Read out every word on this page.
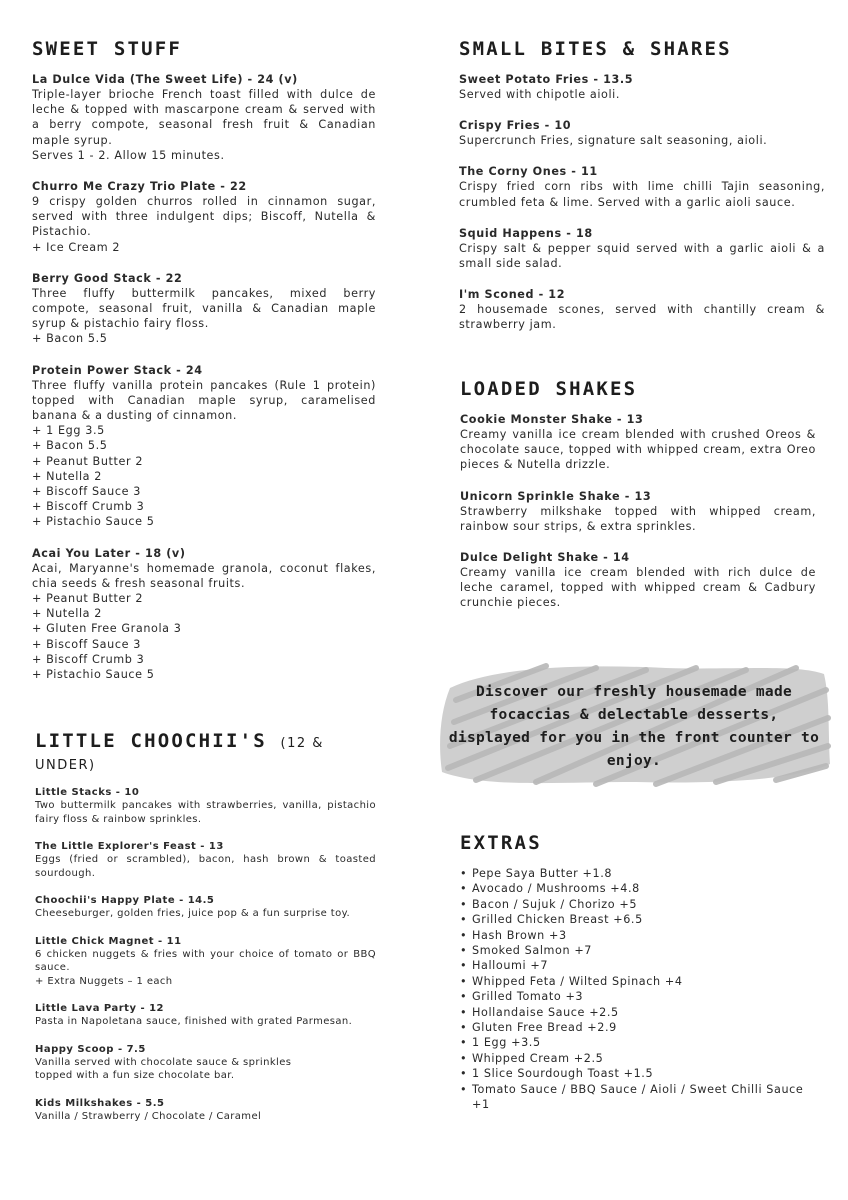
SWEET STUFF
La Dulce Vida (The Sweet Life) - 24 (v)
Triple-layer brioche French toast filled with dulce de leche & topped with mascarpone cream & served with a berry compote, seasonal fresh fruit & Canadian maple syrup.
Serves 1 - 2. Allow 15 minutes.
Churro Me Crazy Trio Plate - 22
9 crispy golden churros rolled in cinnamon sugar, served with three indulgent dips; Biscoff, Nutella & Pistachio.
+ Ice Cream 2
Berry Good Stack - 22
Three fluffy buttermilk pancakes, mixed berry compote, seasonal fruit, vanilla & Canadian maple syrup & pistachio fairy floss.
+ Bacon 5.5
Protein Power Stack - 24
Three fluffy vanilla protein pancakes (Rule 1 protein) topped with Canadian maple syrup, caramelised banana & a dusting of cinnamon.
+ 1 Egg 3.5
+ Bacon 5.5
+ Peanut Butter 2
+ Nutella 2
+ Biscoff Sauce 3
+ Biscoff Crumb 3
+ Pistachio Sauce 5
Acai You Later - 18 (v)
Acai, Maryanne's homemade granola, coconut flakes, chia seeds & fresh seasonal fruits.
+ Peanut Butter 2
+ Nutella 2
+ Gluten Free Granola 3
+ Biscoff Sauce 3
+ Biscoff Crumb 3
+ Pistachio Sauce 5
LITTLE CHOOCHII'S (12 & UNDER)
Little Stacks - 10
Two buttermilk pancakes with strawberries, vanilla, pistachio fairy floss & rainbow sprinkles.
The Little Explorer's Feast - 13
Eggs (fried or scrambled), bacon, hash brown & toasted sourdough.
Choochii's Happy Plate - 14.5
Cheeseburger, golden fries, juice pop & a fun surprise toy.
Little Chick Magnet - 11
6 chicken nuggets & fries with your choice of tomato or BBQ sauce.
+ Extra Nuggets – 1 each
Little Lava Party - 12
Pasta in Napoletana sauce, finished with grated Parmesan.
Happy Scoop - 7.5
Vanilla served with chocolate sauce & sprinkles
topped with a fun size chocolate bar.
Kids Milkshakes - 5.5
Vanilla / Strawberry / Chocolate / Caramel
SMALL BITES & SHARES
Sweet Potato Fries - 13.5
Served with chipotle aioli.
Crispy Fries - 10
Supercrunch Fries, signature salt seasoning, aioli.
The Corny Ones - 11
Crispy fried corn ribs with lime chilli Tajin seasoning, crumbled feta & lime. Served with a garlic aioli sauce.
Squid Happens - 18
Crispy salt & pepper squid served with a garlic aioli & a small side salad.
I'm Sconed - 12
2 housemade scones, served with chantilly cream & strawberry jam.
LOADED SHAKES
Cookie Monster Shake - 13
Creamy vanilla ice cream blended with crushed Oreos & chocolate sauce, topped with whipped cream, extra Oreo pieces & Nutella drizzle.
Unicorn Sprinkle Shake - 13
Strawberry milkshake topped with whipped cream, rainbow sour strips, & extra sprinkles.
Dulce Delight Shake - 14
Creamy vanilla ice cream blended with rich dulce de leche caramel, topped with whipped cream & Cadbury crunchie pieces.
Discover our freshly housemade made focaccias & delectable desserts, displayed for you in the front counter to enjoy.
EXTRAS
• Pepe Saya Butter +1.8
• Avocado / Mushrooms +4.8
• Bacon / Sujuk / Chorizo +5
• Grilled Chicken Breast +6.5
• Hash Brown +3
• Smoked Salmon +7
• Halloumi +7
• Whipped Feta / Wilted Spinach +4
• Grilled Tomato +3
• Hollandaise Sauce +2.5
• Gluten Free Bread +2.9
• 1 Egg +3.5
• Whipped Cream +2.5
• 1 Slice Sourdough Toast +1.5
• Tomato Sauce / BBQ Sauce / Aioli / Sweet Chilli Sauce +1
